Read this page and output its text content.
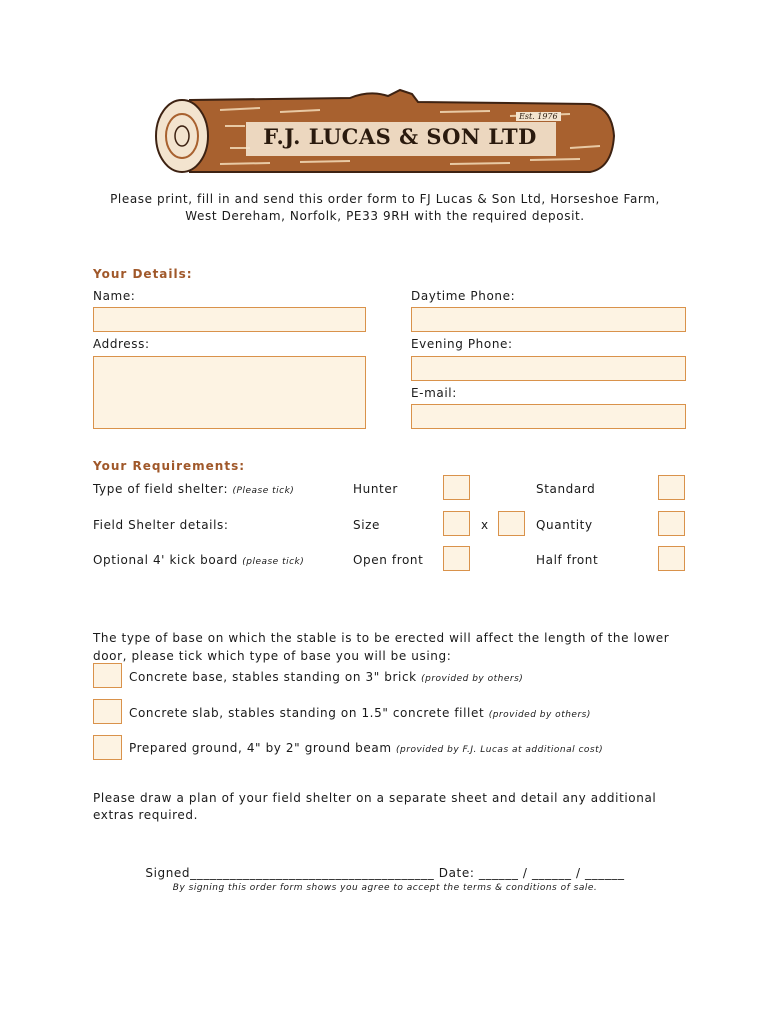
F.J. LUCAS & SON LTD
Est. 1976
Please print, fill in and send this order form to FJ Lucas & Son Ltd, Horseshoe Farm,
West Dereham, Norfolk, PE33 9RH with the required deposit.
Your Details:
Name:
Address:
Daytime Phone:
Evening Phone:
E-mail:
Your Requirements:
Type of field shelter: (Please tick)	Hunter	Standard
Field Shelter details:	Size	x	Quantity
Optional 4' kick board (please tick)	Open front	Half front
The type of base on which the stable is to be erected will affect the length of the lower
door, please tick which type of base you will be using:
Concrete base, stables standing on 3" brick (provided by others)
Concrete slab, stables standing on 1.5" concrete fillet (provided by others)
Prepared ground, 4" by 2" ground beam (provided by F.J. Lucas at additional cost)
Please draw a plan of your field shelter on a separate sheet and detail any additional
extras required.
Signed_____________________________________ Date: ______ / ______ / ______
By signing this order form shows you agree to accept the terms & conditions of sale.
